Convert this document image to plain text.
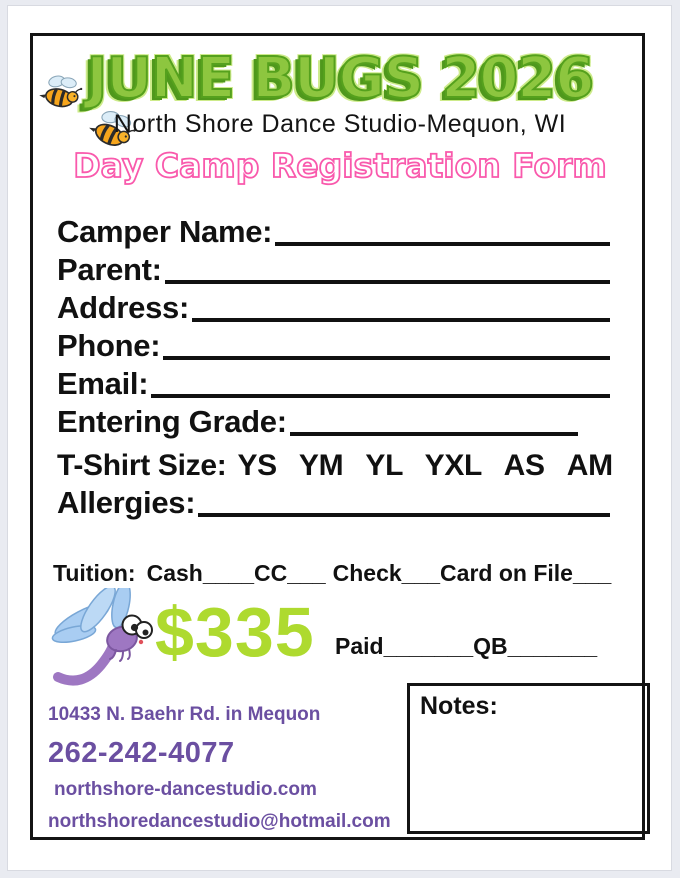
JUNE BUGS 2026
North Shore Dance Studio-Mequon, WI
Day Camp Registration Form
Camper Name:
Parent:
Address:
Phone:
Email:
Entering Grade:
T-Shirt Size: YS YM YL YXL AS AM
Allergies:
Tuition: Cash____ CC___ Check___ Card on File___
$335 Paid_______QB_______
10433 N. Baehr Rd. in Mequon
262-242-4077
northshore-dancestudio.com
northshoredancestudio@hotmail.com
Notes:
